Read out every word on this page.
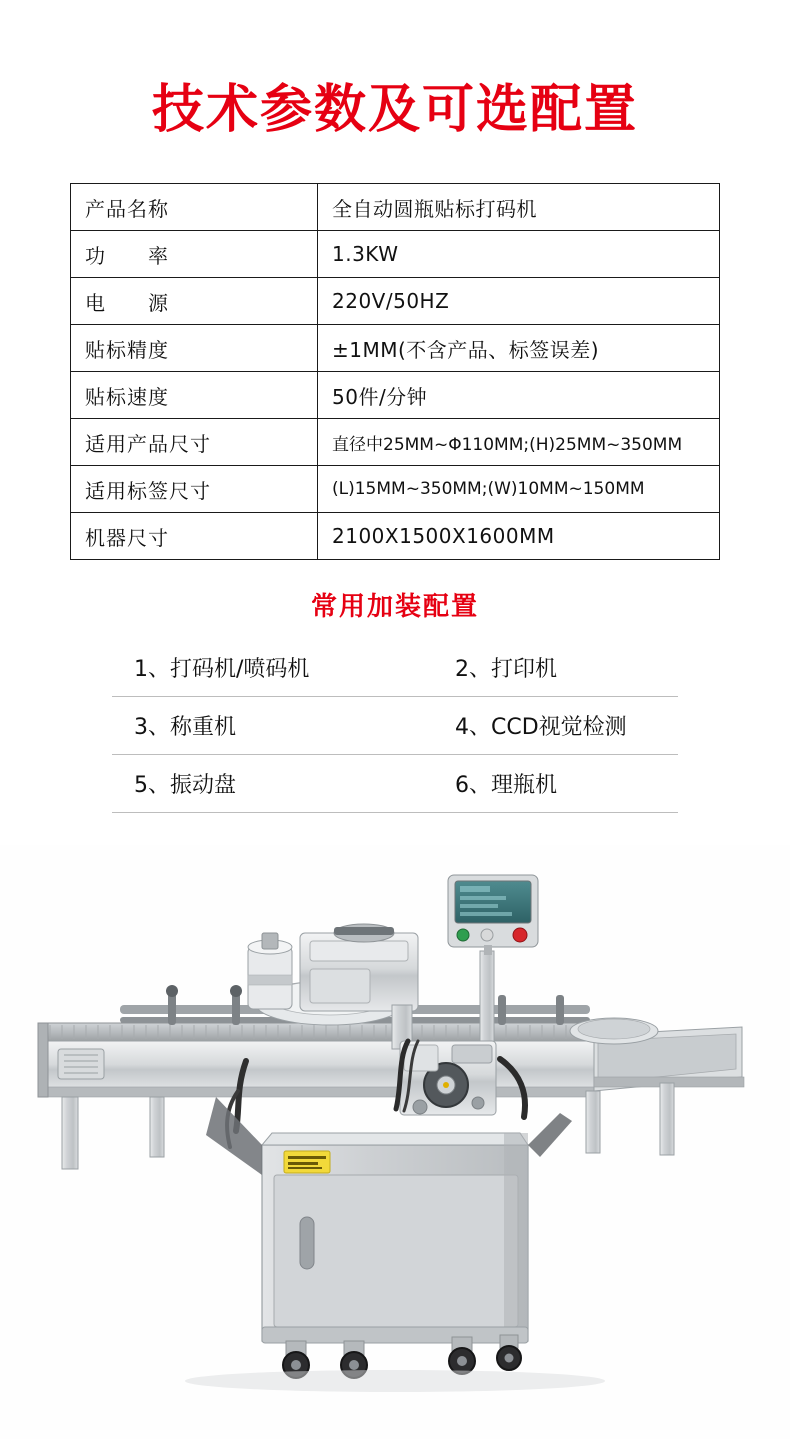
技术参数及可选配置
产品名称	全自动圆瓶贴标打码机
功　　率	1.3KW
电　　源	220V/50HZ
贴标精度	±1MM(不含产品、标签误差)
贴标速度	50件/分钟
适用产品尺寸	直径中25MM~Φ110MM;(H)25MM~350MM
适用标签尺寸	(L)15MM~350MM;(W)10MM~150MM
机器尺寸	2100X1500X1600MM
常用加装配置
1、打码机/喷码机	2、打印机
3、称重机	4、CCD视觉检测
5、振动盘	6、理瓶机
